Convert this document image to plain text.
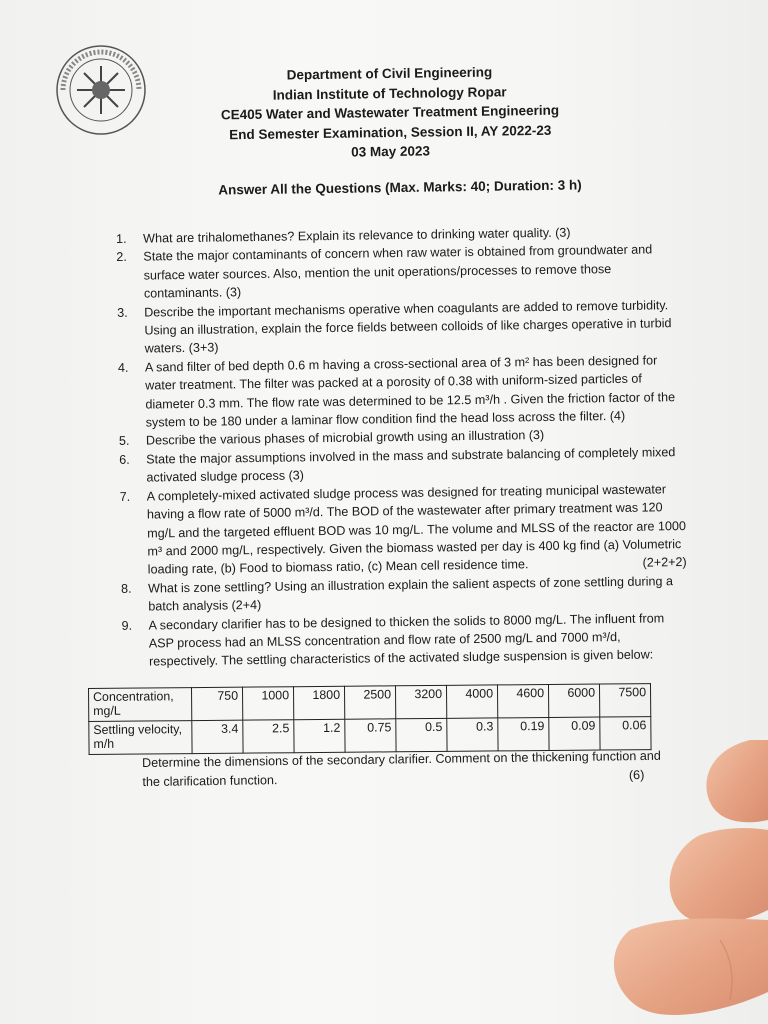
Department of Civil Engineering
Indian Institute of Technology Ropar
CE405 Water and Wastewater Treatment Engineering
End Semester Examination, Session II, AY 2022-23
03 May 2023
Answer All the Questions (Max. Marks: 40; Duration: 3 h)
1.	What are trihalomethanes? Explain its relevance to drinking water quality. (3)
2.	State the major contaminants of concern when raw water is obtained from groundwater and surface water sources. Also, mention the unit operations/processes to remove those contaminants. (3)
3.	Describe the important mechanisms operative when coagulants are added to remove turbidity. Using an illustration, explain the force fields between colloids of like charges operative in turbid waters. (3+3)
4.	A sand filter of bed depth 0.6 m having a cross-sectional area of 3 m² has been designed for water treatment. The filter was packed at a porosity of 0.38 with uniform-sized particles of diameter 0.3 mm. The flow rate was determined to be 12.5 m³/h . Given the friction factor of the system to be 180 under a laminar flow condition find the head loss across the filter. (4)
5.	Describe the various phases of microbial growth using an illustration (3)
6.	State the major assumptions involved in the mass and substrate balancing of completely mixed activated sludge process (3)
7.	A completely-mixed activated sludge process was designed for treating municipal wastewater having a flow rate of 5000 m³/d. The BOD of the wastewater after primary treatment was 120 mg/L and the targeted effluent BOD was 10 mg/L. The volume and MLSS of the reactor are 1000 m³ and 2000 mg/L, respectively. Given the biomass wasted per day is 400 kg find (a) Volumetric loading rate, (b) Food to biomass ratio, (c) Mean cell residence time.	(2+2+2)
8.	What is zone settling? Using an illustration explain the salient aspects of zone settling during a batch analysis (2+4)
9.	A secondary clarifier has to be designed to thicken the solids to 8000 mg/L. The influent from ASP process had an MLSS concentration and flow rate of 2500 mg/L and 7000 m³/d, respectively. The settling characteristics of the activated sludge suspension is given below:
Concentration, mg/L	750	1000	1800	2500	3200	4000	4600	6000	7500
Settling velocity, m/h	3.4	2.5	1.2	0.75	0.5	0.3	0.19	0.09	0.06
Determine the dimensions of the secondary clarifier. Comment on the thickening function and the clarification function.	(6)
